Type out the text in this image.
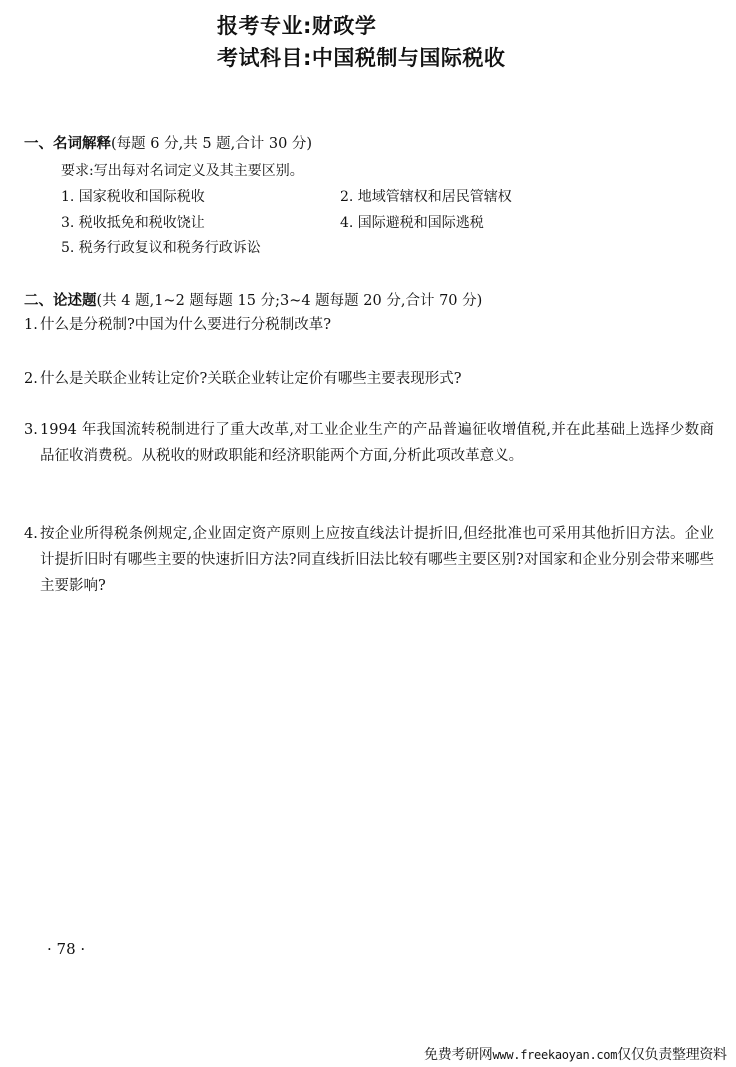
报考专业:财政学
考试科目:中国税制与国际税收
一、名词解释(每题 6 分,共 5 题,合计 30 分)
要求:写出每对名词定义及其主要区别。
1. 国家税收和国际税收	2. 地域管辖权和居民管辖权
3. 税收抵免和税收饶让	4. 国际避税和国际逃税
5. 税务行政复议和税务行政诉讼
二、论述题(共 4 题,1~2 题每题 15 分;3~4 题每题 20 分,合计 70 分)
1. 什么是分税制?中国为什么要进行分税制改革?
2. 什么是关联企业转让定价?关联企业转让定价有哪些主要表现形式?
3. 1994 年我国流转税制进行了重大改革,对工业企业生产的产品普遍征收增值税,并在此基础上选择少数商品征收消费税。从税收的财政职能和经济职能两个方面,分析此项改革意义。
4. 按企业所得税条例规定,企业固定资产原则上应按直线法计提折旧,但经批准也可采用其他折旧方法。企业计提折旧时有哪些主要的快速折旧方法?同直线折旧法比较有哪些主要区别?对国家和企业分别会带来哪些主要影响?
· 78 ·
免费考研网www.freekaoyan.com仅仅负责整理资料
